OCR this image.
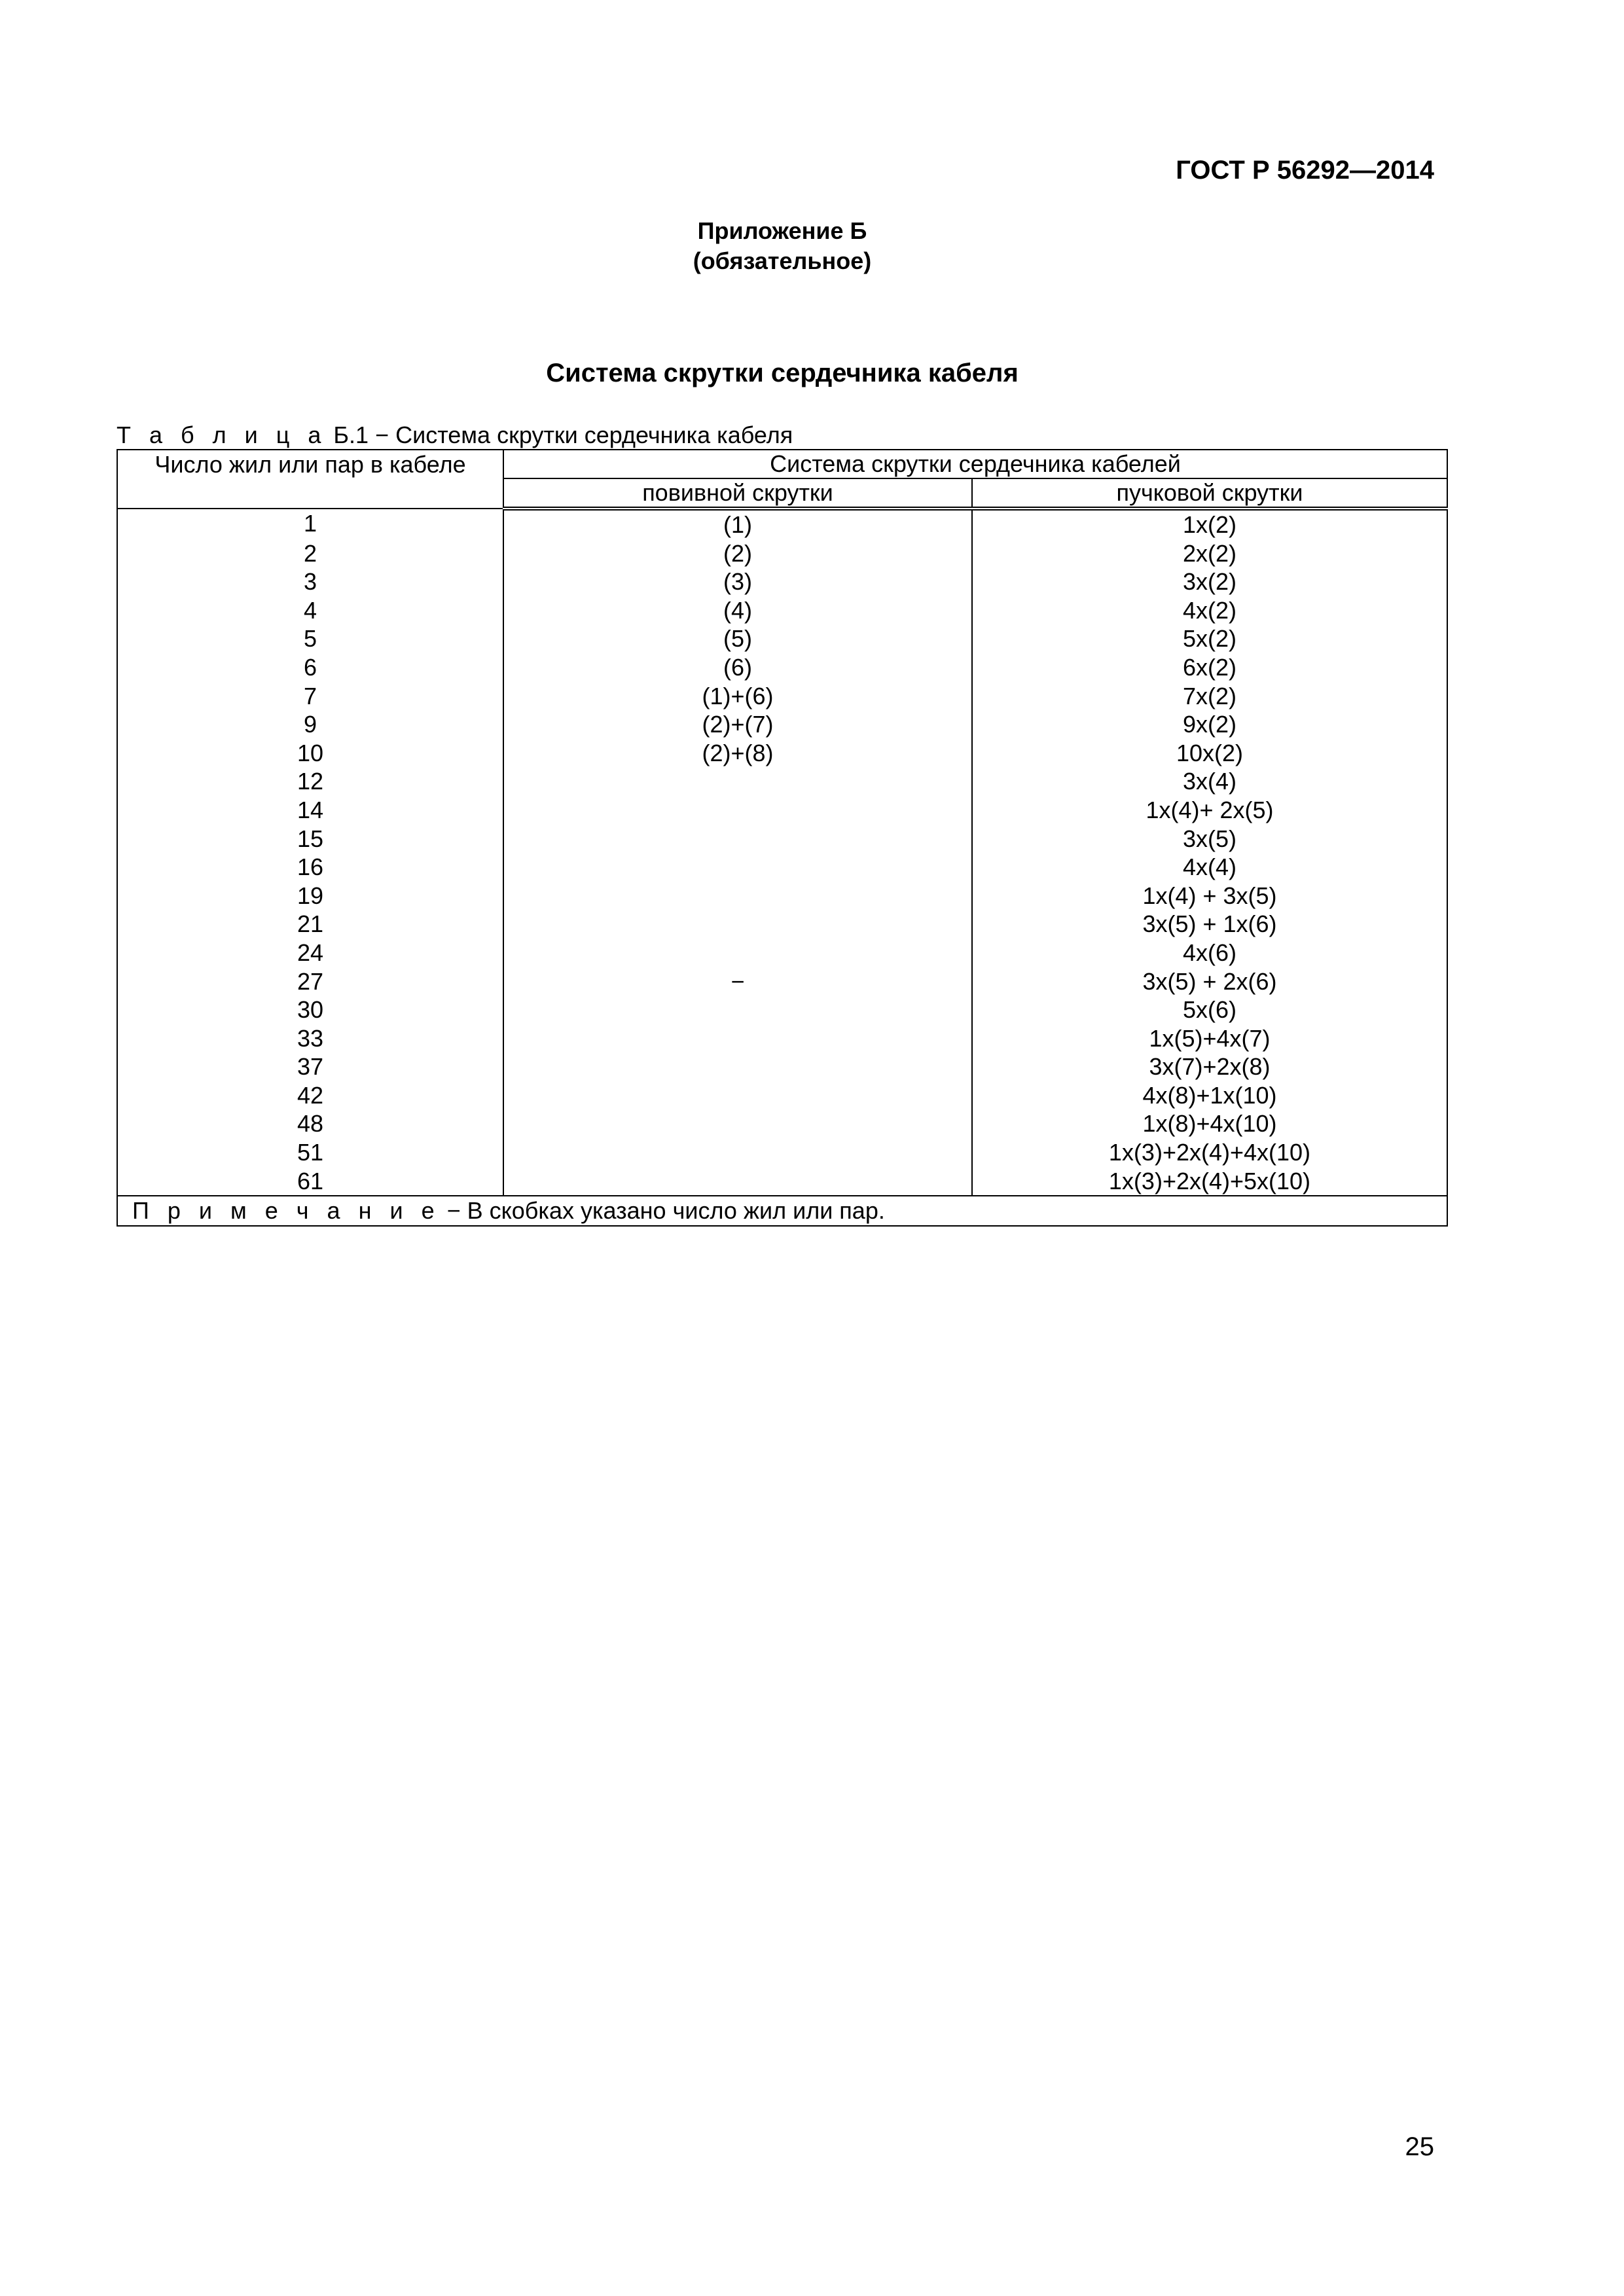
ГОСТ Р 56292—2014
Приложение Б
(обязательное)
Система скрутки сердечника кабеля
Т а б л и ц а Б.1 − Система скрутки сердечника кабеля
Число жил или пар в кабеле	Система скрутки сердечника кабелей	
	повивной скрутки	пучковой скрутки
1	(1)	1x(2)
2	(2)	2x(2)
3	(3)	3x(2)
4	(4)	4x(2)
5	(5)	5x(2)
6	(6)	6x(2)
7	(1)+(6)	7x(2)
9	(2)+(7)	9x(2)
10	(2)+(8)	10x(2)
12	−	3x(4)
14		1x(4)+ 2x(5)
15		3x(5)
16		4x(4)
19		1x(4) + 3x(5)
21		3x(5) + 1x(6)
24		4x(6)
27		3x(5) + 2x(6)
30		5x(6)
33		1x(5)+4x(7)
37		3x(7)+2x(8)
42		4x(8)+1x(10)
48		1x(8)+4x(10)
51		1x(3)+2x(4)+4x(10)
61		1x(3)+2x(4)+5x(10)
П р и м е ч а н и е − В скобках указано число жил или пар.		
25
